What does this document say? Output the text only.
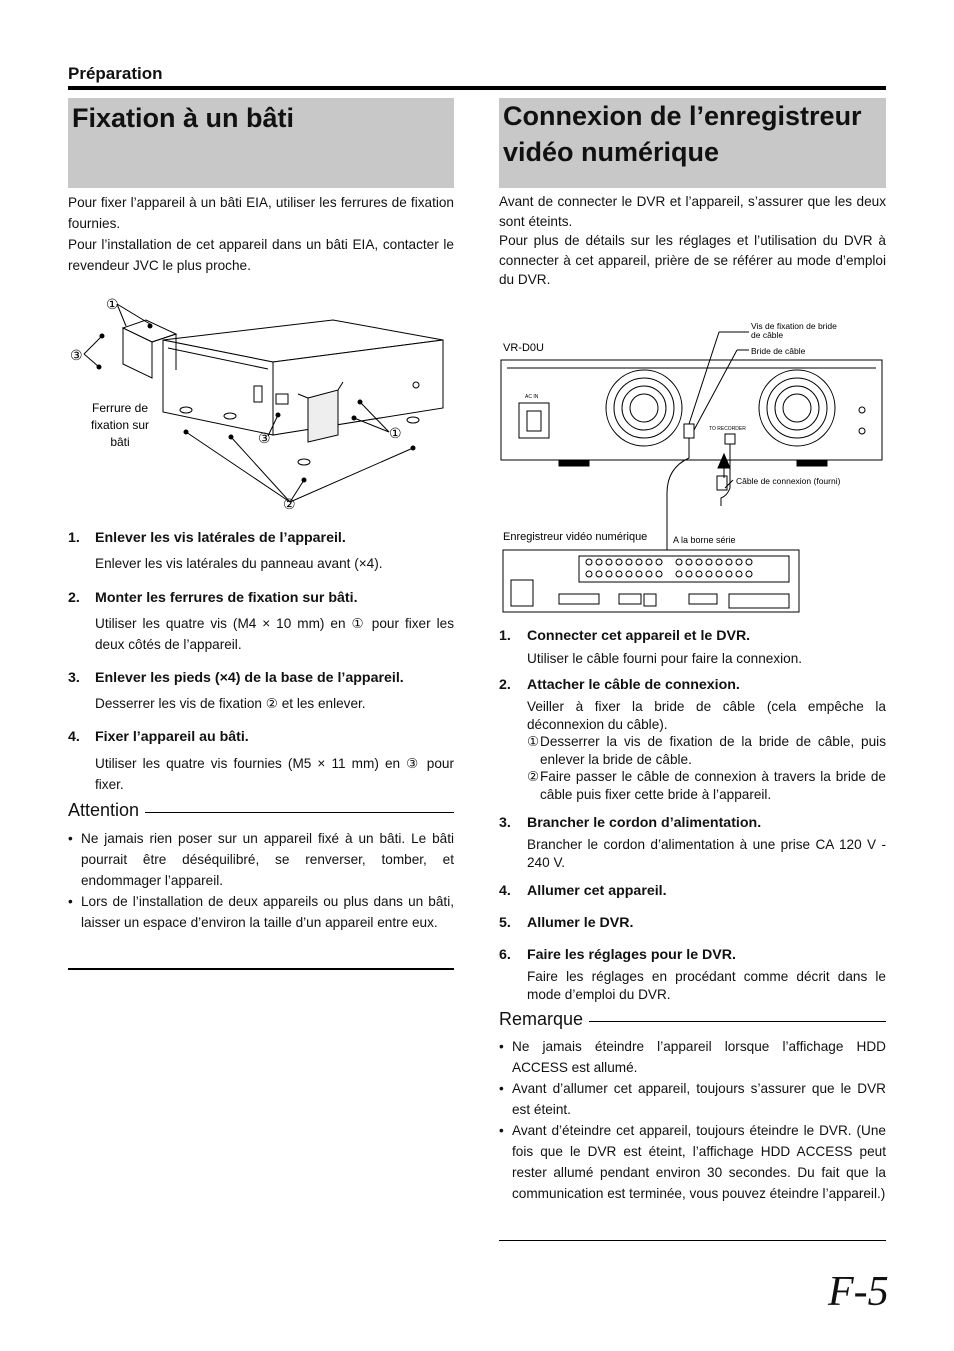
Préparation
Fixation à un bâti

Pour fixer l’appareil à un bâti EIA, utiliser les ferrures de fixation fournies.

Pour l’installation de cet appareil dans un bâti EIA, contacter le revendeur JVC le plus proche.

①
③
③	①
②
Ferrure de
fixation sur
bâti
1. Enlever les vis latérales de l’appareil.
Enlever les vis latérales du panneau avant (×4).
2. Monter les ferrures de fixation sur bâti.
Utiliser les quatre vis (M4 × 10 mm) en ① pour fixer les deux côtés de l’appareil.
3. Enlever les pieds (×4) de la base de l’appareil.
Desserrer les vis de fixation ② et les enlever.
4. Fixer l’appareil au bâti.
Utiliser les quatre vis fournies (M5 × 11 mm) en ③ pour fixer.
Attention
• Ne jamais rien poser sur un appareil fixé à un bâti. Le bâti pourrait être déséquilibré, se renverser, tomber, et endommager l’appareil.
• Lors de l’installation de deux appareils ou plus dans un bâti, laisser un espace d’environ la taille d’un appareil entre eux.
Connexion de l’enregistreur
vidéo numérique

Avant de connecter le DVR et l’appareil, s’assurer que les deux sont éteints.

Pour plus de détails sur les réglages et l’utilisation du DVR à connecter à cet appareil, prière de se référer au mode d’emploi du DVR.

VR-D0U
Vis de fixation de bride
de câble
Bride de câble
AC IN
TO RECORDER
Câble de connexion (fourni)
Enregistreur vidéo numérique	A la borne série
1. Connecter cet appareil et le DVR.
Utiliser le câble fourni pour faire la connexion.
2. Attacher le câble de connexion.
Veiller à fixer la bride de câble (cela empêche la déconnexion du câble).
① Desserrer la vis de fixation de la bride de câble, puis enlever la bride de câble.
② Faire passer le câble de connexion à travers la bride de câble puis fixer cette bride à l’appareil.
3. Brancher le cordon d’alimentation.
Brancher le cordon d’alimentation à une prise CA 120 V - 240 V.
4. Allumer cet appareil.
5. Allumer le DVR.
6. Faire les réglages pour le DVR.
Faire les réglages en procédant comme décrit dans le mode d’emploi du DVR.
Remarque
• Ne jamais éteindre l’appareil lorsque l’affichage HDD ACCESS est allumé.
• Avant d’allumer cet appareil, toujours s’assurer que le DVR est éteint.
• Avant d’éteindre cet appareil, toujours éteindre le DVR. (Une fois que le DVR est éteint, l’affichage HDD ACCESS peut rester allumé pendant environ 30 secondes. Du fait que la communication est terminée, vous pouvez éteindre l’appareil.)
F-5
